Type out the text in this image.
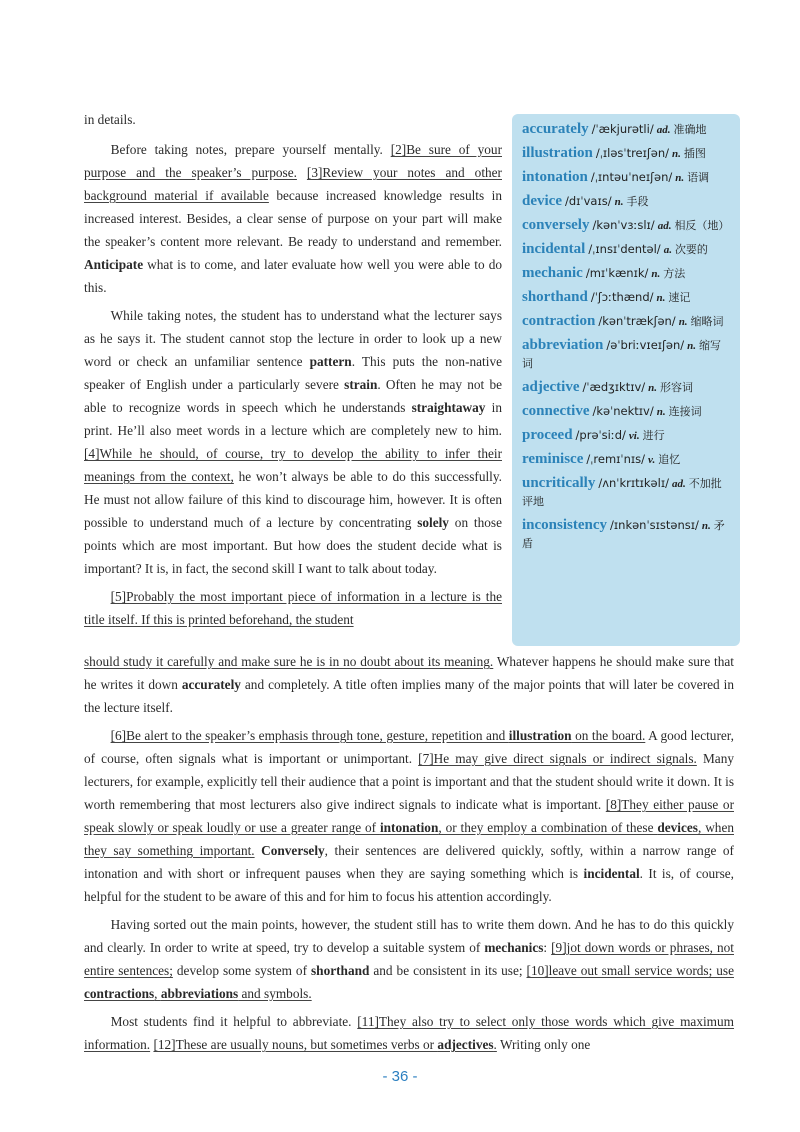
in details.

Before taking notes, prepare yourself mentally. [2]Be sure of your purpose and the speaker’s purpose. [3]Review your notes and other background material if available because increased knowledge results in increased interest. Besides, a clear sense of purpose on your part will make the speaker’s content more relevant. Be ready to understand and remember. Anticipate what is to come, and later evaluate how well you were able to do this.

While taking notes, the student has to understand what the lecturer says as he says it. The student cannot stop the lecture in order to look up a new word or check an unfamiliar sentence pattern. This puts the non-native speaker of English under a particularly severe strain. Often he may not be able to recognize words in speech which he understands straightaway in print. He’ll also meet words in a lecture which are completely new to him. [4]While he should, of course, try to develop the ability to infer their meanings from the context, he won’t always be able to do this successfully. He must not allow failure of this kind to discourage him, however. It is often possible to understand much of a lecture by concentrating solely on those points which are most important. But how does the student decide what is important? It is, in fact, the second skill I want to talk about today.

[5]Probably the most important piece of information in a lecture is the title itself. If this is printed beforehand, the student

accurately /ˈækjurətli/ ad. 准确地
illustration /ˌɪləsˈtreɪʃən/ n. 插图
intonation /ˌɪntəuˈneɪʃən/ n. 语调
device /dɪˈvaɪs/ n. 手段
conversely /kənˈvɜːslɪ/ ad. 相反（地）
incidental /ˌɪnsɪˈdentəl/ a. 次要的
mechanic /mɪˈkænɪk/ n. 方法
shorthand /ˈʃɔːthænd/ n. 速记
contraction /kənˈtrækʃən/ n. 缩略词
abbreviation /əˈbriːvɪeɪʃən/ n. 缩写词
adjective /ˈædʒɪktɪv/ n. 形容词
connective /kəˈnektɪv/ n. 连接词
proceed /prəˈsiːd/ vi. 进行
reminisce /ˌremɪˈnɪs/ v. 追忆
uncritically /ʌnˈkrɪtɪkəlɪ/ ad. 不加批评地
inconsistency /ɪnkənˈsɪstənsɪ/ n. 矛盾

should study it carefully and make sure he is in no doubt about its meaning. Whatever happens he should make sure that he writes it down accurately and completely. A title often implies many of the major points that will later be covered in the lecture itself.

[6]Be alert to the speaker’s emphasis through tone, gesture, repetition and illustration on the board. A good lecturer, of course, often signals what is important or unimportant. [7]He may give direct signals or indirect signals. Many lecturers, for example, explicitly tell their audience that a point is important and that the student should write it down. It is worth remembering that most lecturers also give indirect signals to indicate what is important. [8]They either pause or speak slowly or speak loudly or use a greater range of intonation, or they employ a combination of these devices, when they say something important. Conversely, their sentences are delivered quickly, softly, within a narrow range of intonation and with short or infrequent pauses when they are saying something which is incidental. It is, of course, helpful for the student to be aware of this and for him to focus his attention accordingly.

Having sorted out the main points, however, the student still has to write them down. And he has to do this quickly and clearly. In order to write at speed, try to develop a suitable system of mechanics: [9]jot down words or phrases, not entire sentences; develop some system of shorthand and be consistent in its use; [10]leave out small service words; use contractions, abbreviations and symbols.

Most students find it helpful to abbreviate. [11]They also try to select only those words which give maximum information. [12]These are usually nouns, but sometimes verbs or adjectives. Writing only one

- 36 -
